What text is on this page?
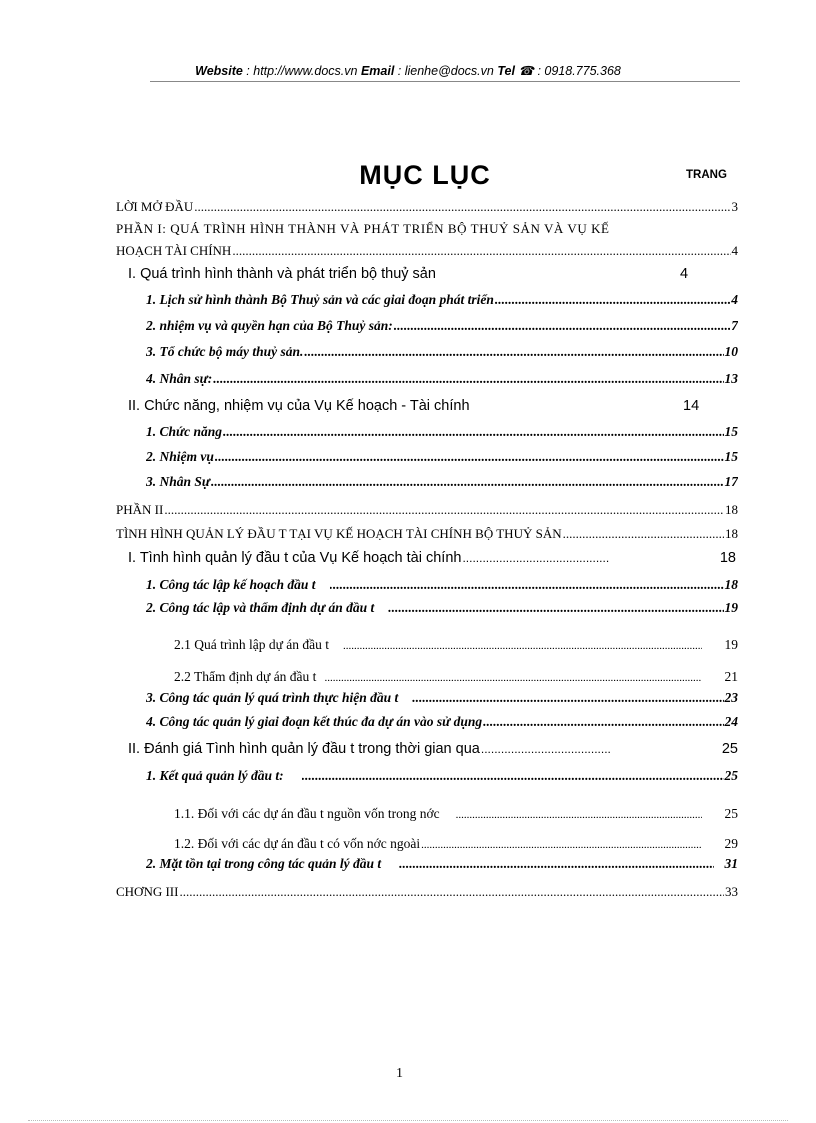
Website : http://www.docs.vn Email : lienhe@docs.vn Tel ☎ : 0918.775.368
MỤC LỤC	TRANG
LỜI MỞ ĐẦU .....	3
PHẦN I: QUÁ TRÌNH HÌNH THÀNH VÀ PHÁT TRIỂN BỘ THUỶ SẢN VÀ VỤ KẾ
HOẠCH TÀI CHÍNH .....	4
I. Quá trình hình thành và phát triển bộ thuỷ sản	4
1. Lịch sử hình thành Bộ Thuỷ sản và các giai đoạn phát triển .....	4
2. nhiệm vụ và quyền hạn của Bộ Thuỷ sản: .....	7
3. Tổ chức bộ máy thuỷ sản. .....	10
4. Nhân sự: .....	13
II. Chức năng, nhiệm vụ của Vụ Kế hoạch - Tài chính	14
1. Chức năng .....	15
2. Nhiệm vụ .....	15
3. Nhân Sự .....	17
PHẦN II .....	18
TÌNH HÌNH QUẢN LÝ ĐẦU T TẠI VỤ KẾ HOẠCH TÀI CHÍNH BỘ THUỶ SẢN .....	18
I. Tình hình quản lý đầu t của Vụ Kế hoạch tài chính .....	18
1. Công tác lập kế hoạch đầu t .....	18
2. Công tác lập và thẩm định dự án đầu t .....	19
2.1 Quá trình lập dự án đầu t .....	19
2.2 Thẩm định dự án đầu t .....	21
3. Công tác quản lý quá trình thực hiện đầu t .....	23
4. Công tác quản lý giai đoạn kết thúc đa dự án vào sử dụng .....	24
II. Đánh giá Tình hình quản lý đầu t trong thời gian qua .....	25
1. Kết quả quản lý đầu t: .....	25
1.1. Đối với các dự án đầu t nguồn vốn trong nớc .....	25
1.2. Đối với các dự án đầu t có vốn nớc ngoài .....	29
2. Mặt tồn tại trong công tác quản lý đầu t .....	31
CHƠNG III .....	33
1
